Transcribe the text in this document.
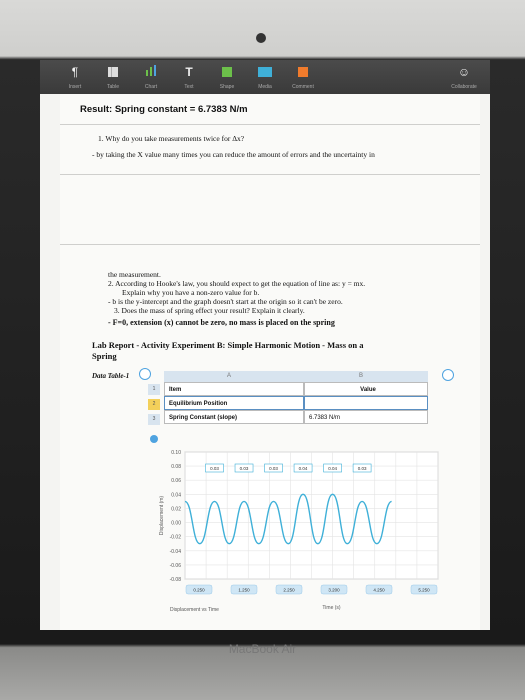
¶
Insert	Table	Chart
T
Text	Shape	Media	Comment
☺
Collaborate
Result: Spring constant = 6.7383 N/m
1. Why do you take measurements twice for Δx?
- by taking the X value many times you can reduce the amount of errors and the uncertainty in
the measurement.
2. According to Hooke's law, you should expect to get the equation of line as: y = mx.
Explain why you have a non-zero value for b.
- b is the y-intercept and the graph doesn't start at the origin so it can't be zero.
3. Does the mass of spring effect your result? Explain it clearly.
- F=0, extension (x) cannot be zero, no mass is placed on the spring
Lab Report - Activity Experiment B: Simple Harmonic Motion - Mass on a
Spring
Data Table-1	A	B
1
2
3
Item	Value
Equilibrium Position
Spring Constant (slope)	6.7383 N/m
0.10
0.08
0.06
0.04
0.02
0.00
-0.02
-0.04
-0.06
-0.08
0.03	0.03	0.03	0.04	0.04	0.03
0.250	1.250	2.250	3.200	4.250	5.250
Displacement (m)
Time (s)
Displacement vs Time
MacBook Air
